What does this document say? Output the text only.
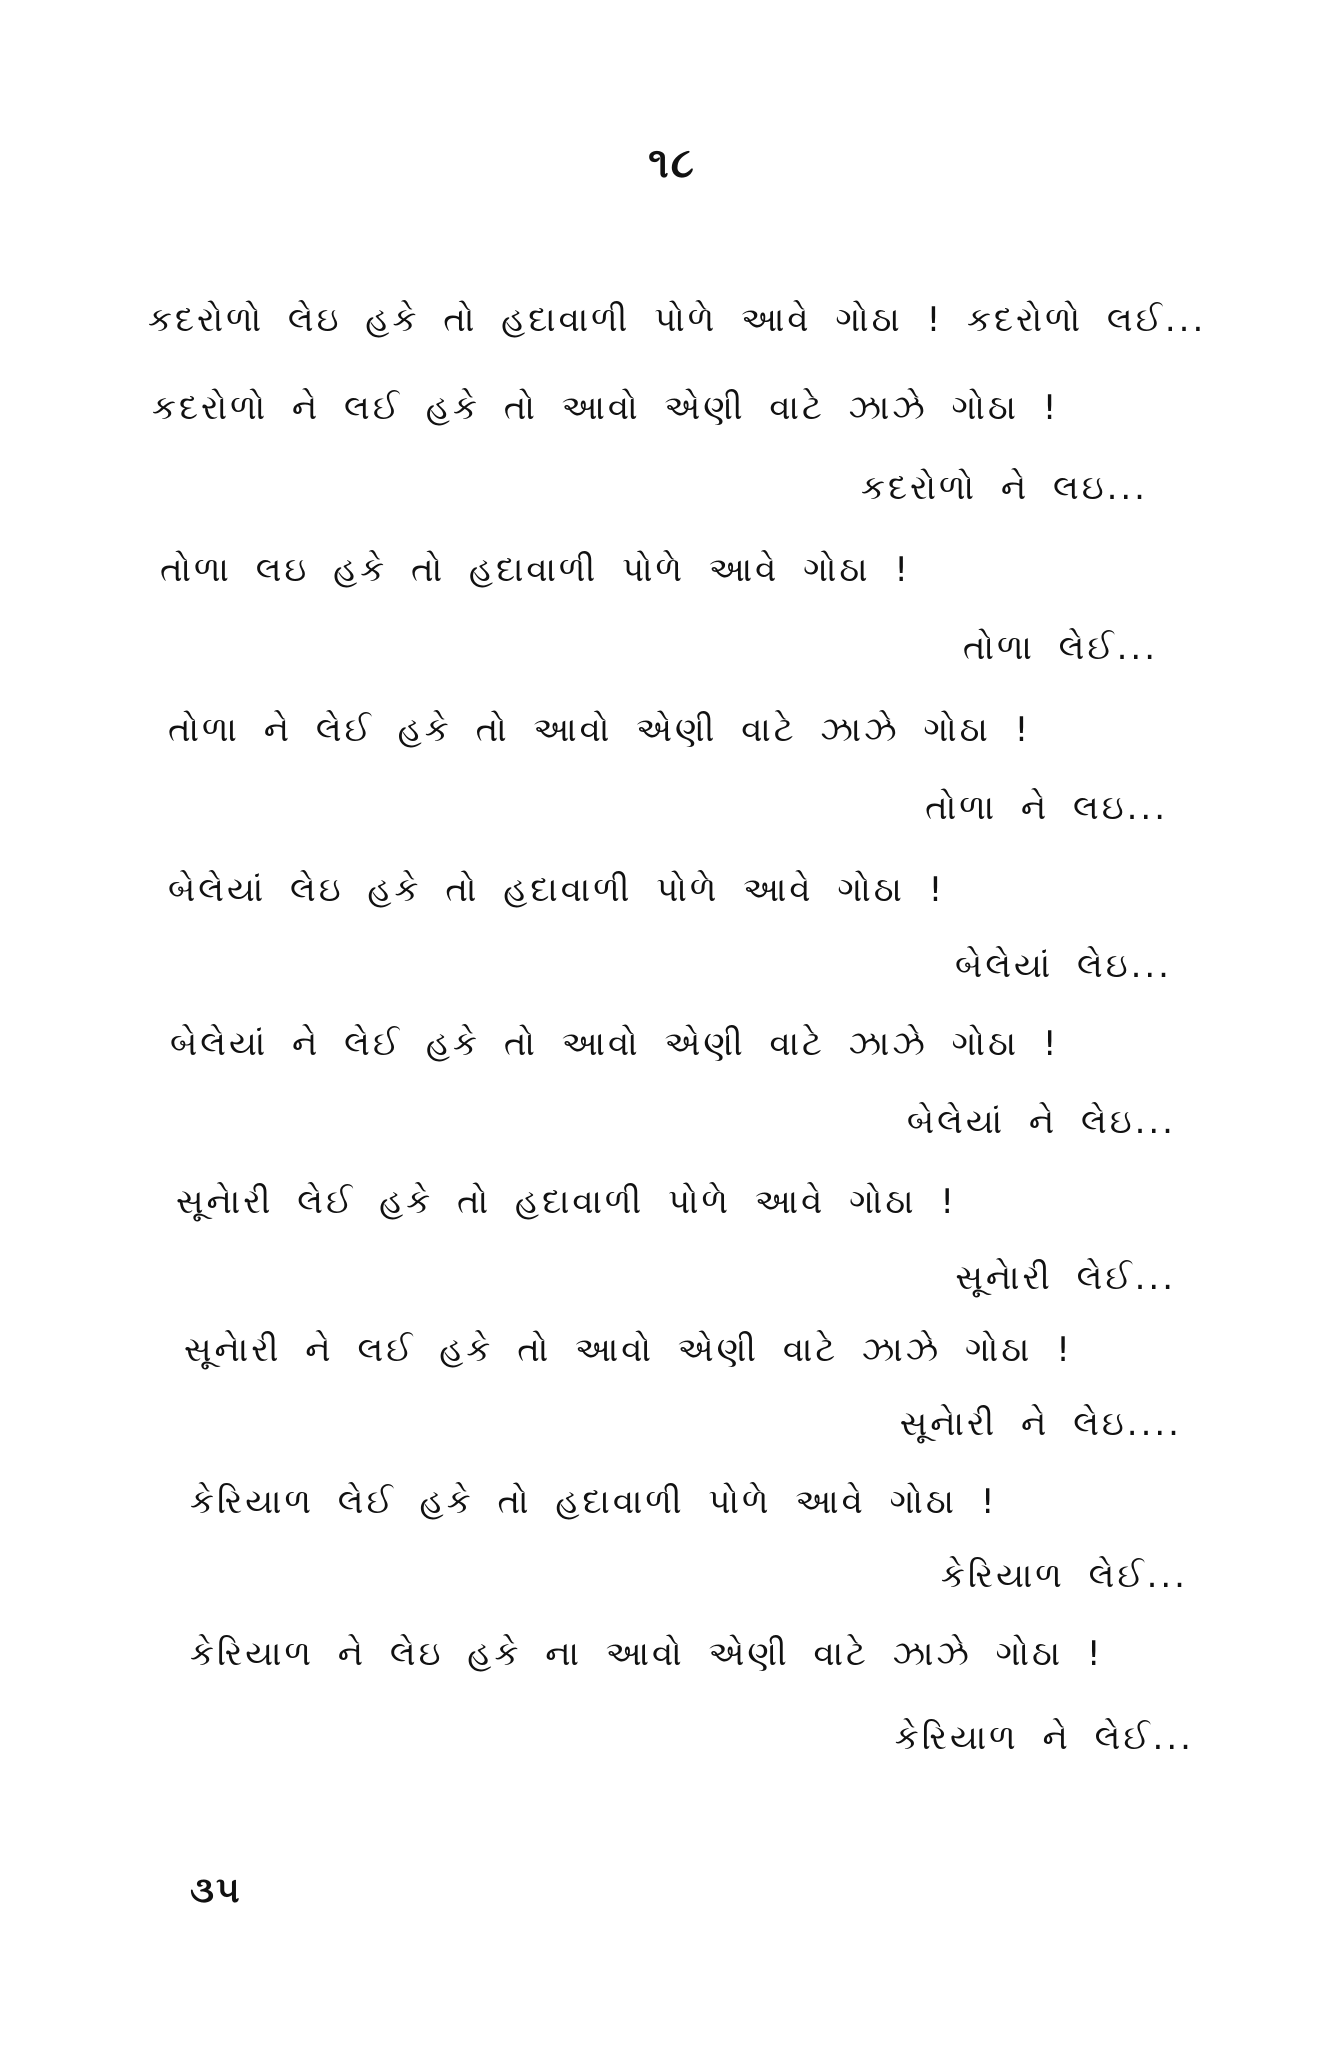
૧૮
કદરોળો લેઇ હકે તો હદાવાળી પોળે આવે ગોઠા ! કદરોળો લઈ...
કદરોળો ને લઈ હકે તો આવો એણી વાટે ઝાઝે ગોઠા !
કદરોળો ને લઇ...
તોળા લઇ હકે તો હદાવાળી પોળે આવે ગોઠા !
તોળા લેઈ...
તોળા ને લેઈ હકે તો આવો એણી વાટે ઝાઝે ગોઠા !
તોળા ને લઇ...
બેલેયાં લેઇ હકે તો હદાવાળી પોળે આવે ગોઠા !
બેલેયાં લેઇ...
બેલેયાં ને લેઈ હકે તો આવો એણી વાટે ઝાઝે ગોઠા !
બેલેયાં ને લેઇ...
સૂનેારી લેઈ હકે તો હદાવાળી પોળે આવે ગોઠા !
સૂનેારી લેઈ...
સૂનેારી ને લઈ હકે તો આવો એણી વાટે ઝાઝે ગોઠા !
સૂનેારી ને લેઇ....
કેરિયાળ લેઈ હકે તો હદાવાળી પોળે આવે ગોઠા !
કેરિયાળ લેઈ...
કેરિયાળ ને લેઇ હકે ના આવો એણી વાટે ઝાઝે ગોઠા !
કેરિયાળ ને લેઈ...
૩૫
